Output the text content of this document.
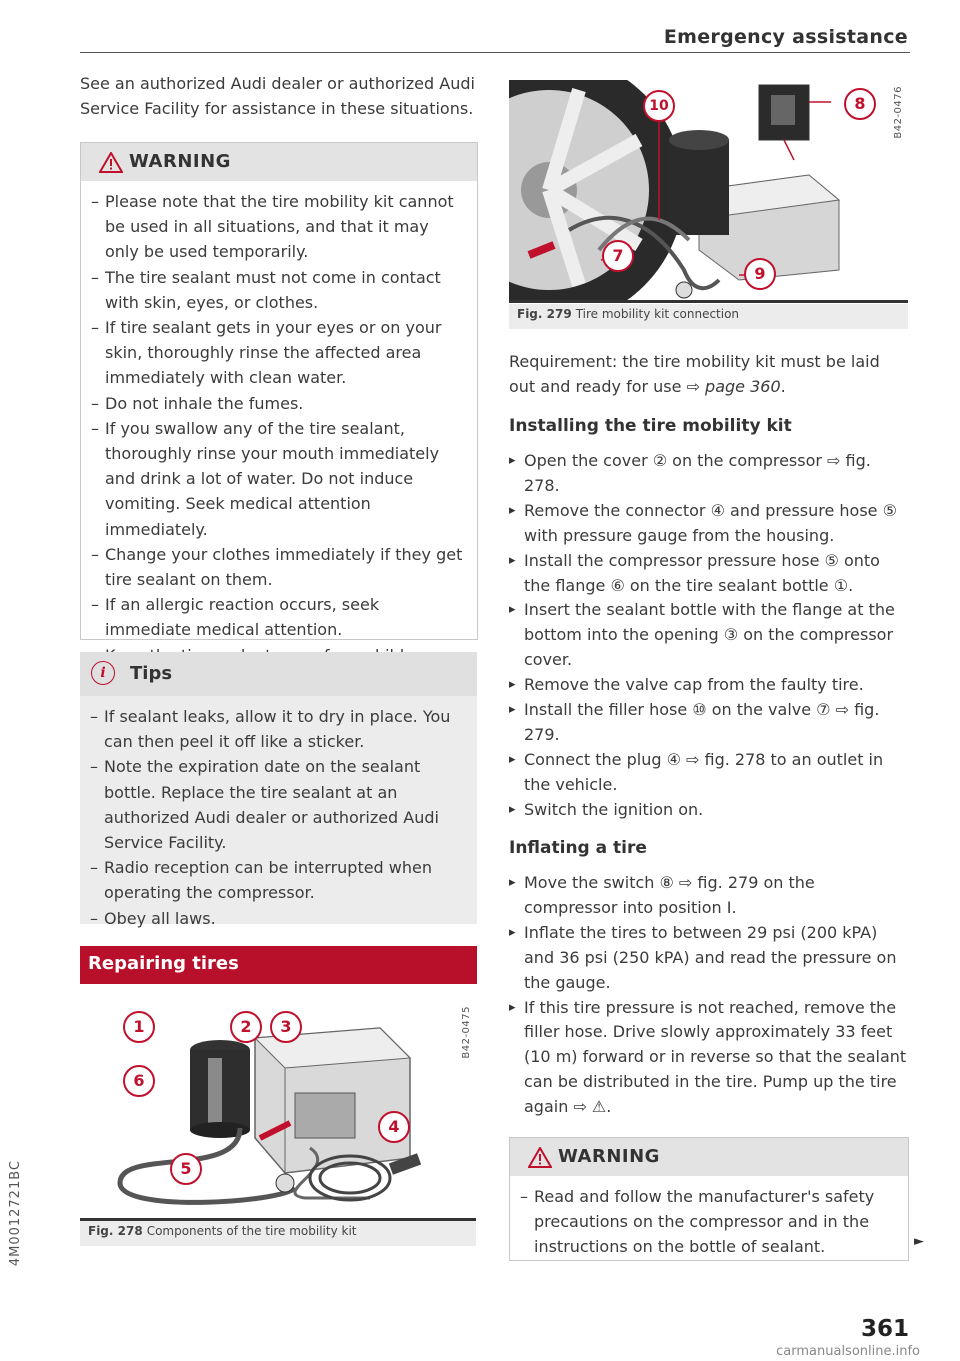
Emergency assistance

See an authorized Audi dealer or authorized Audi Service Facility for assistance in these situations.

WARNING
– Please note that the tire mobility kit cannot be used in all situations, and that it may only be used temporarily.
– The tire sealant must not come in contact with skin, eyes, or clothes.
– If tire sealant gets in your eyes or on your skin, thoroughly rinse the affected area immediately with clean water.
– Do not inhale the fumes.
– If you swallow any of the tire sealant, thoroughly rinse your mouth immediately and drink a lot of water. Do not induce vomiting. Seek medical attention immediately.
– Change your clothes immediately if they get tire sealant on them.
– If an allergic reaction occurs, seek immediate medical attention.
–
i	Tips
– If sealant leaks, allow it to dry in place. You can then peel it off like a sticker.
– Note the expiration date on the sealant bottle. Replace the tire sealant at an authorized Audi dealer or authorized Audi Service Facility.
– Radio reception can be interrupted when operating the compressor.
– Obey all laws.
Repairing tires
1	2	3
6
4
5
B42-0475
Fig. 278 Components of the tire mobility kit
10	8
7
9
B42-0476
Fig. 279 Tire mobility kit connection

Requirement: the tire mobility kit must be laid out and ready for use ⇨ page 360.

Installing the tire mobility kit
▸ Open the cover ② on the compressor ⇨ fig. 278.
▸ Remove the connector ④ and pressure hose ⑤ with pressure gauge from the housing.
▸ Install the compressor pressure hose ⑤ onto the flange ⑥ on the tire sealant bottle ①.
▸ Insert the sealant bottle with the flange at the bottom into the opening ③ on the compressor cover.
▸ Remove the valve cap from the faulty tire.
▸ Install the filler hose ⑩ on the valve ⑦ ⇨ fig. 279.
▸ Connect the plug ④ ⇨ fig. 278 to an outlet in the vehicle.
▸ Switch the ignition on.
Inflating a tire
▸ Move the switch ⑧ ⇨ fig. 279 on the compressor into position I.
▸ Inflate the tires to between 29 psi (200 kPA) and 36 psi (250 kPA) and read the pressure on the gauge.
▸ If this tire pressure is not reached, remove the filler hose. Drive slowly approximately 33 feet (10 m) forward or in reverse so that the sealant can be distributed in the tire. Pump up the tire again ⇨ ⚠.
WARNING
– Read and follow the manufacturer's safety precautions on the compressor and in the instructions on the bottle of sealant.	►
361
4M0012721BC
carmanualsonline.info
